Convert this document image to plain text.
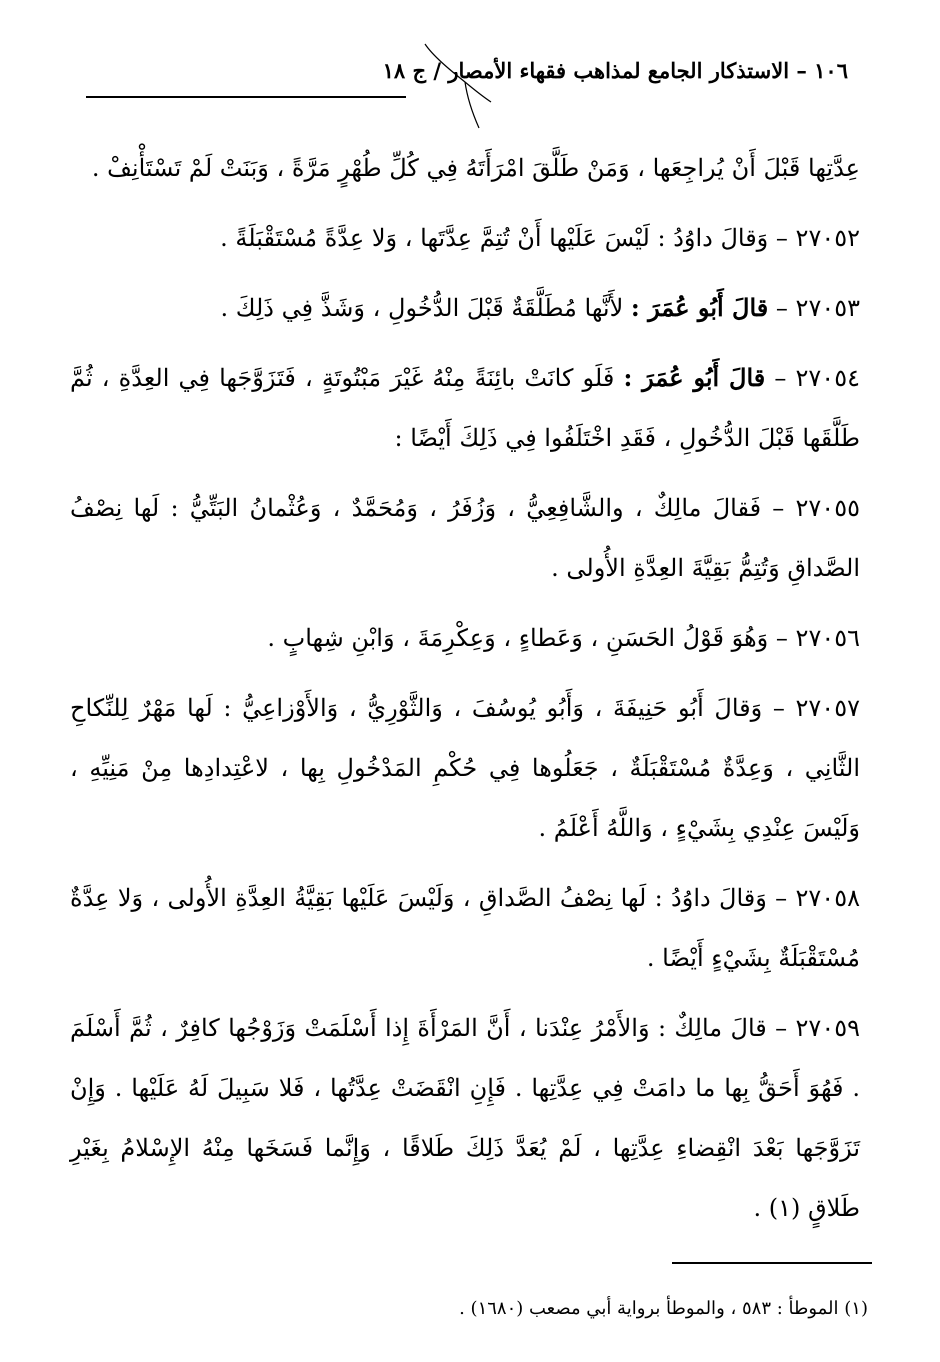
١٠٦ – الاستذكار الجامع لمذاهب فقهاء الأمصار / ج ١٨

عِدَّتِها قَبْلَ أَنْ يُراجِعَها ، وَمَنْ طَلَّقَ امْرَأَتَهُ فِي كُلِّ طُهْرٍ مَرَّةً ، وَبَنَتْ لَمْ تَسْتَأْنِفْ .

٢٧٠٥٢ – وَقالَ داوُدُ : لَيْسَ عَلَيْها أَنْ تُتِمَّ عِدَّتَها ، وَلا عِدَّةً مُسْتَقْبَلَةً .

٢٧٠٥٣ – قالَ أَبُو عُمَرَ : لأَنَّها مُطَلَّقَةٌ قَبْلَ الدُّخُولِ ، وَشَذَّ فِي ذَلِكَ .

٢٧٠٥٤ – قالَ أَبُو عُمَرَ : فَلَو كانَتْ بائِنَةً مِنْهُ غَيْرَ مَبْتُوتَةٍ ، فَتَزَوَّجَها فِي العِدَّةِ ، ثُمَّ طَلَّقَها قَبْلَ الدُّخُولِ ، فَقَدِ اخْتَلَفُوا فِي ذَلِكَ أَيْضًا :

٢٧٠٥٥ – فَقالَ مالِكٌ ، والشَّافِعِيُّ ، وَزُفَرُ ، وَمُحَمَّدٌ ، وَعُثْمانُ البَتِّيُّ : لَها نِصْفُ الصَّداقِ وَتُتِمُّ بَقِيَّةَ العِدَّةِ الأُولى .

٢٧٠٥٦ – وَهُوَ قَوْلُ الحَسَنِ ، وَعَطاءٍ ، وَعِكْرِمَةَ ، وَابْنِ شِهابٍ .

٢٧٠٥٧ – وَقالَ أَبُو حَنِيفَةَ ، وَأَبُو يُوسُفَ ، وَالثَّوْرِيُّ ، وَالأَوْزاعِيُّ : لَها مَهْرٌ لِلنِّكاحِ الثَّانِي ، وَعِدَّةٌ مُسْتَقْبَلَةٌ ، جَعَلُوها فِي حُكْمِ المَدْخُولِ بِها ، لاعْتِدادِها مِنْ مَنِيِّهِ ، وَلَيْسَ عِنْدِي بِشَيْءٍ ، وَاللَّهُ أَعْلَمُ .

٢٧٠٥٨ – وَقالَ داوُدُ : لَها نِصْفُ الصَّداقِ ، وَلَيْسَ عَلَيْها بَقِيَّةُ العِدَّةِ الأُولى ، وَلا عِدَّةٌ مُسْتَقْبَلَةٌ بِشَيْءٍ أَيْضًا .

٢٧٠٥٩ – قالَ مالِكٌ : وَالأَمْرُ عِنْدَنا ، أَنَّ المَرْأَةَ إِذا أَسْلَمَتْ وَزَوْجُها كافِرٌ ، ثُمَّ أَسْلَمَ . فَهُوَ أَحَقُّ بِها ما دامَتْ فِي عِدَّتِها . فَإِنِ انْقَضَتْ عِدَّتُها ، فَلا سَبِيلَ لَهُ عَلَيْها . وَإِنْ تَزَوَّجَها بَعْدَ انْقِضاءِ عِدَّتِها ، لَمْ يُعَدَّ ذَلِكَ طَلاقًا ، وَإِنَّما فَسَخَها مِنْهُ الإِسْلامُ بِغَيْرِ طَلاقٍ (١) .

(١) الموطأ : ٥٨٣ ، والموطأ برواية أبي مصعب (١٦٨٠) .
